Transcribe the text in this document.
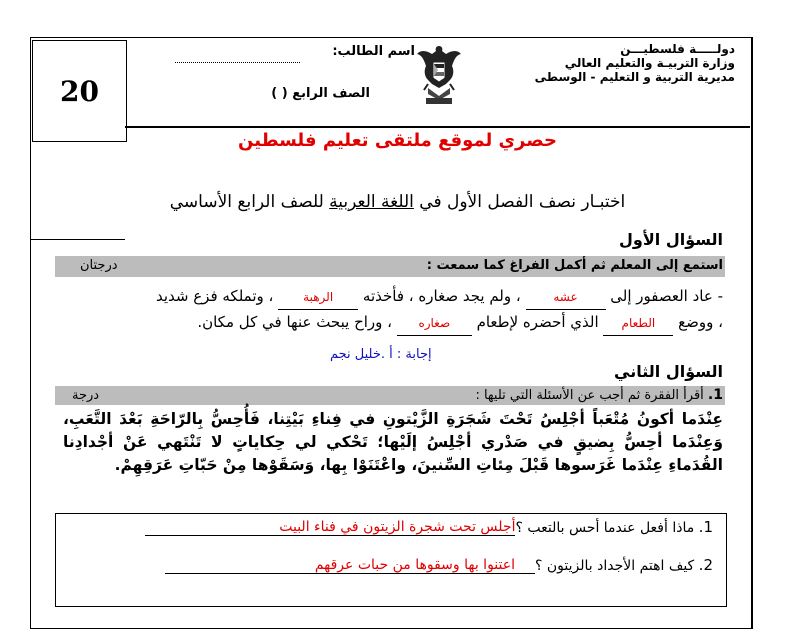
20
دولـــــة فلسطيـــن
وزارة التربيـة والتعليم العالي
مديرية التربية و التعليم - الوسطى
اسم الطالب:
الصف الرابع ( )
حصري لموقع ملتقى تعليم فلسطين
اختبـار نصف الفصل الأول في اللغة العربية للصف الرابع الأساسي
السؤال الأول
استمع إلى المعلم ثم أكمل الفراغ كما سمعت :
درجتان
- عاد العصفور إلى عشه ، ولم يجد صغاره ، فأخذته الرهبة ، وتملكه فزع شديد
، ووضع الطعام الذي أحضره لإطعام صغاره ، وراح يبحث عنها في كل مكان.
إجابة : أ .خليل نجم
السؤال الثاني
1. أقرأ الفقرة ثم أجب عن الأسئلة التي تليها :
درجة
عِنْدَما أكونُ مُتْعَباً أجْلِسُ تَحْتَ شَجَرَةِ الزَّيْتونِ في فِناءِ بَيْتِنا، فَأُحِسُّ بِالرّاحَةِ بَعْدَ التَّعَبِ، وَعِنْدَما أحِسُّ بِضيقٍ في صَدْري أجْلِسُ إلَيْها؛ تَحْكي لي حِكاياتٍ لا تَنْتَهي عَنْ أجْدادِنا القُدَماءِ عِنْدَما غَرَسوها قَبْلَ مِئاتِ السِّنينَ، واعْتَنَوْا بِها، وَسَقَوْها مِنْ حَبّاتِ عَرَقِهِمْ.
1. ماذا أفعل عندما أحس بالتعب ؟أجلس تحت شجرة الزيتون في فناء البيت
2. كيف اهتم الأجداد بالزيتون ؟اعتنوا بها وسقوها من حبات عرقهم
